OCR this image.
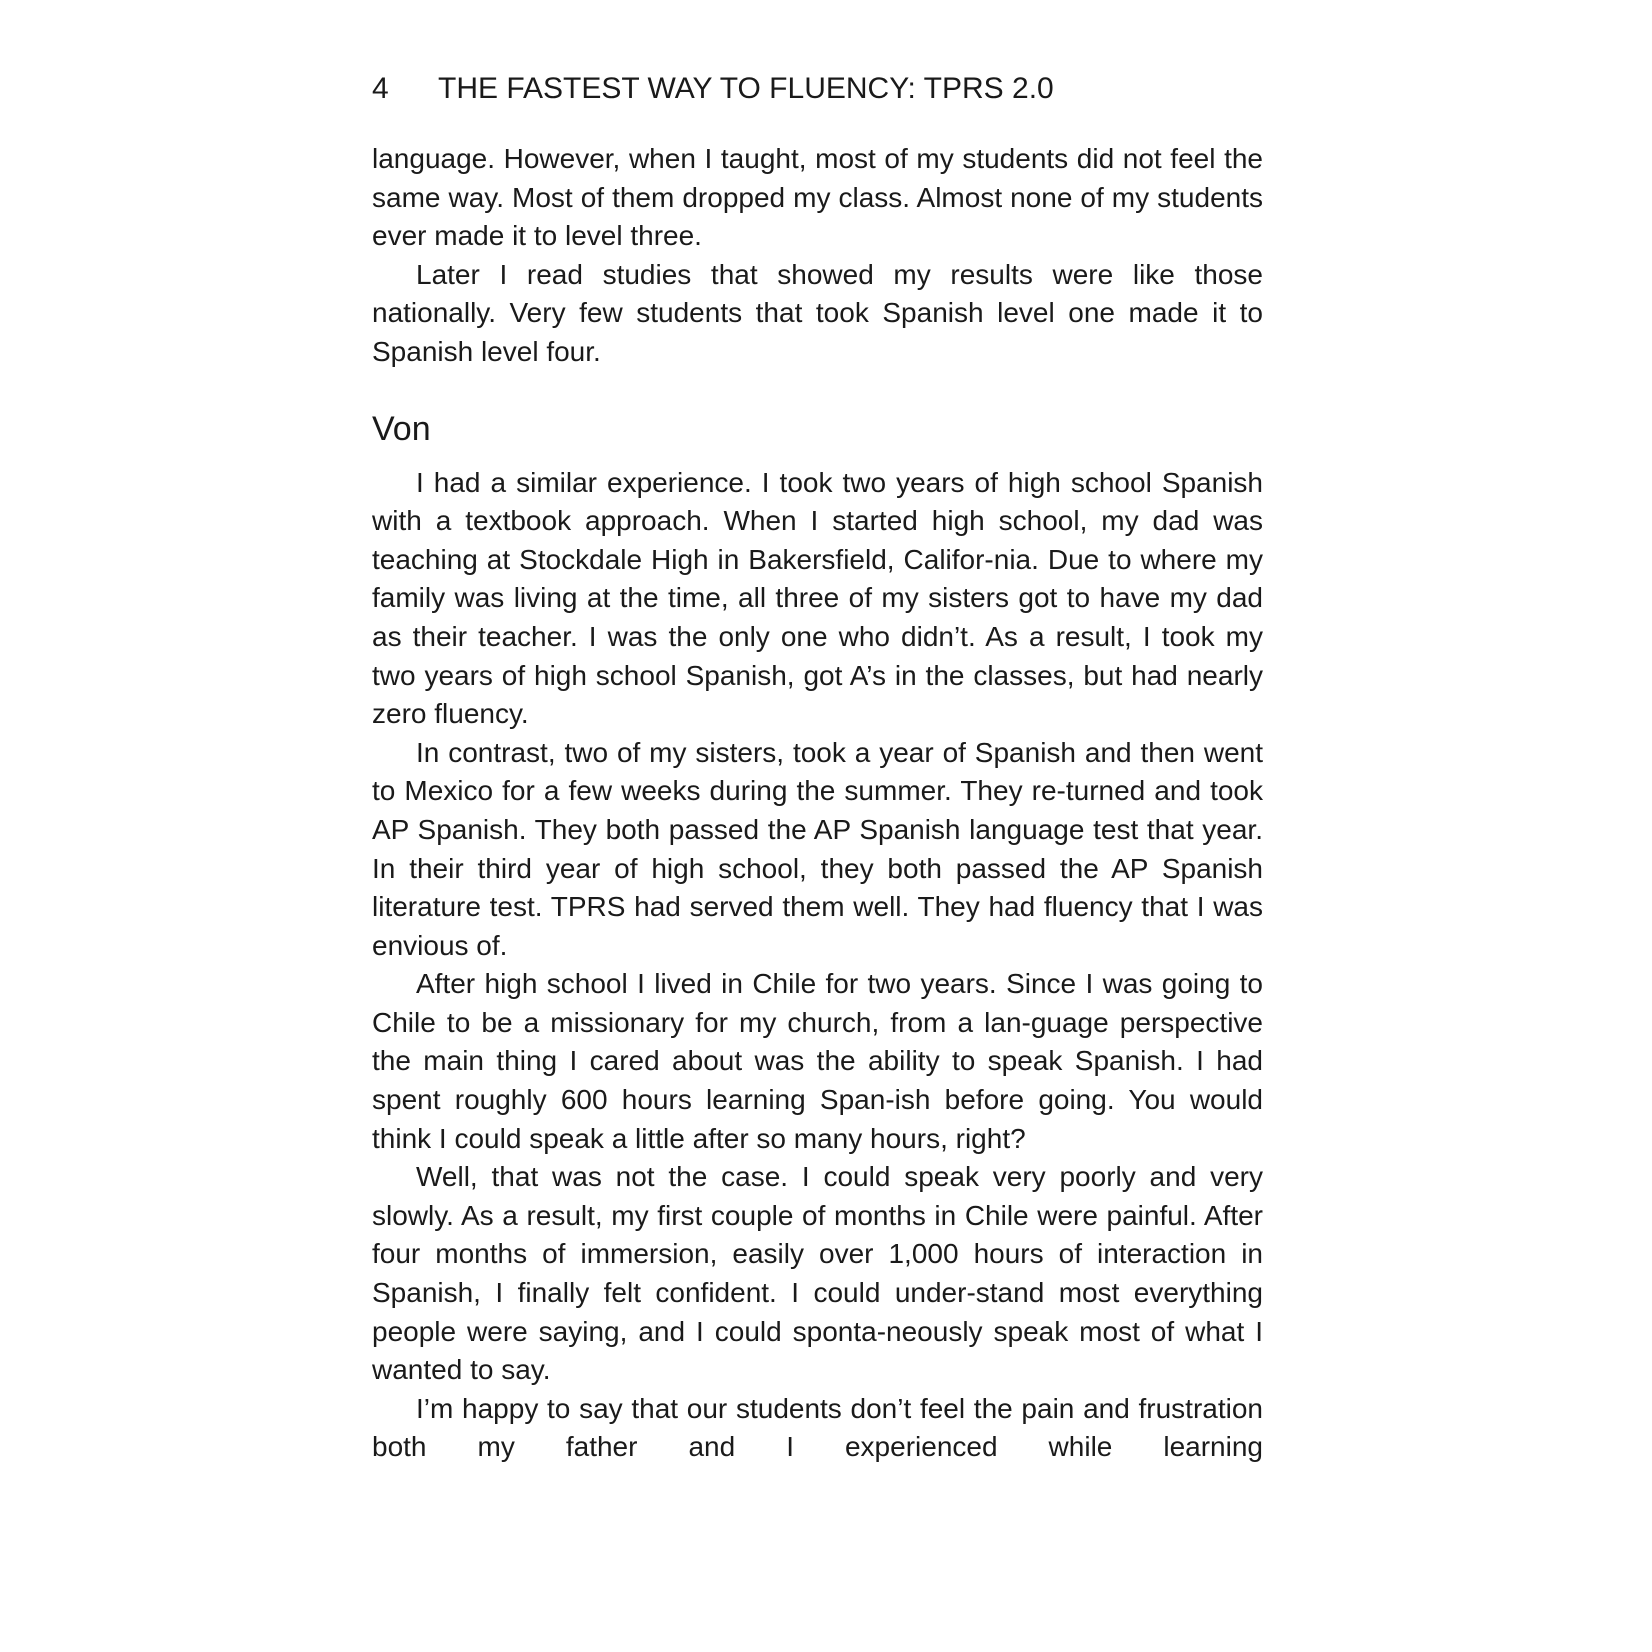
4 THE FASTEST WAY TO FLUENCY: TPRS 2.0

language. However, when I taught, most of my students did not feel the same way. Most of them dropped my class. Almost none of my students ever made it to level three.

Later I read studies that showed my results were like those nationally. Very few students that took Spanish level one made it to Spanish level four.

Von

I had a similar experience. I took two years of high school Spanish with a textbook approach. When I started high school, my dad was teaching at Stockdale High in Bakersfield, Califor-nia. Due to where my family was living at the time, all three of my sisters got to have my dad as their teacher. I was the only one who didn’t. As a result, I took my two years of high school Spanish, got A’s in the classes, but had nearly zero fluency.

In contrast, two of my sisters, took a year of Spanish and then went to Mexico for a few weeks during the summer. They re-turned and took AP Spanish. They both passed the AP Spanish language test that year. In their third year of high school, they both passed the AP Spanish literature test. TPRS had served them well. They had fluency that I was envious of.

After high school I lived in Chile for two years. Since I was going to Chile to be a missionary for my church, from a lan-guage perspective the main thing I cared about was the ability to speak Spanish. I had spent roughly 600 hours learning Span-ish before going. You would think I could speak a little after so many hours, right?

Well, that was not the case. I could speak very poorly and very slowly. As a result, my first couple of months in Chile were painful. After four months of immersion, easily over 1,000 hours of interaction in Spanish, I finally felt confident. I could under-stand most everything people were saying, and I could sponta-neously speak most of what I wanted to say.

I’m happy to say that our students don’t feel the pain and frustration both my father and I experienced while learning
